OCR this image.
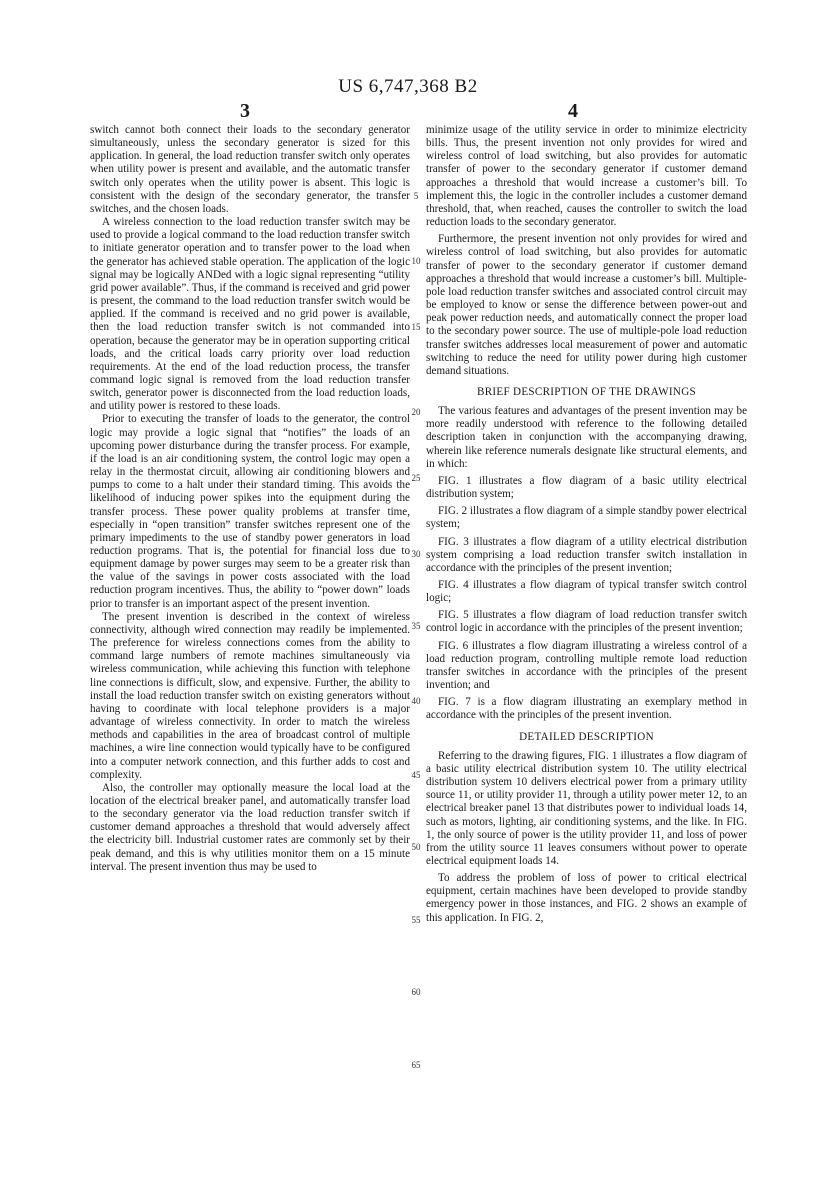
US 6,747,368 B2
3	4
5
10
15
20
25
30
35
40
45
50
55
60
65

switch cannot both connect their loads to the secondary generator simultaneously, unless the secondary generator is sized for this application. In general, the load reduction transfer switch only operates when utility power is present and available, and the automatic transfer switch only operates when the utility power is absent. This logic is consistent with the design of the secondary generator, the transfer switches, and the chosen loads.

A wireless connection to the load reduction transfer switch may be used to provide a logical command to the load reduction transfer switch to initiate generator operation and to transfer power to the load when the generator has achieved stable operation. The application of the logic signal may be logically ANDed with a logic signal representing “utility grid power available”. Thus, if the command is received and grid power is present, the command to the load reduction transfer switch would be applied. If the command is received and no grid power is available, then the load reduction transfer switch is not commanded into operation, because the generator may be in operation supporting critical loads, and the critical loads carry priority over load reduction requirements. At the end of the load reduction process, the transfer command logic signal is removed from the load reduction transfer switch, generator power is disconnected from the load reduction loads, and utility power is restored to these loads.

Prior to executing the transfer of loads to the generator, the control logic may provide a logic signal that “notifies” the loads of an upcoming power disturbance during the transfer process. For example, if the load is an air conditioning system, the control logic may open a relay in the thermostat circuit, allowing air conditioning blowers and pumps to come to a halt under their standard timing. This avoids the likelihood of inducing power spikes into the equipment during the transfer process. These power quality problems at transfer time, especially in “open transition” transfer switches represent one of the primary impediments to the use of standby power generators in load reduction programs. That is, the potential for financial loss due to equipment damage by power surges may seem to be a greater risk than the value of the savings in power costs associated with the load reduction program incentives. Thus, the ability to “power down” loads prior to transfer is an important aspect of the present invention.

The present invention is described in the context of wireless connectivity, although wired connection may readily be implemented. The preference for wireless connections comes from the ability to command large numbers of remote machines simultaneously via wireless communication, while achieving this function with telephone line connections is difficult, slow, and expensive. Further, the ability to install the load reduction transfer switch on existing generators without having to coordinate with local telephone providers is a major advantage of wireless connectivity. In order to match the wireless methods and capabilities in the area of broadcast control of multiple machines, a wire line connection would typically have to be configured into a computer network connection, and this further adds to cost and complexity.

Also, the controller may optionally measure the local load at the location of the electrical breaker panel, and automatically transfer load to the secondary generator via the load reduction transfer switch if customer demand approaches a threshold that would adversely affect the electricity bill. Industrial customer rates are commonly set by their peak demand, and this is why utilities monitor them on a 15 minute interval. The present invention thus may be used to

minimize usage of the utility service in order to minimize electricity bills. Thus, the present invention not only provides for wired and wireless control of load switching, but also provides for automatic transfer of power to the secondary generator if customer demand approaches a threshold that would increase a customer’s bill. To implement this, the logic in the controller includes a customer demand threshold, that, when reached, causes the controller to switch the load reduction loads to the secondary generator.

Furthermore, the present invention not only provides for wired and wireless control of load switching, but also provides for automatic transfer of power to the secondary generator if customer demand approaches a threshold that would increase a customer’s bill. Multiple-pole load reduction transfer switches and associated control circuit may be employed to know or sense the difference between power-out and peak power reduction needs, and automatically connect the proper load to the secondary power source. The use of multiple-pole load reduction transfer switches addresses local measurement of power and automatic switching to reduce the need for utility power during high customer demand situations.

BRIEF DESCRIPTION OF THE DRAWINGS

The various features and advantages of the present invention may be more readily understood with reference to the following detailed description taken in conjunction with the accompanying drawing, wherein like reference numerals designate like structural elements, and in which:

FIG. 1 illustrates a flow diagram of a basic utility electrical distribution system;

FIG. 2 illustrates a flow diagram of a simple standby power electrical system;

FIG. 3 illustrates a flow diagram of a utility electrical distribution system comprising a load reduction transfer switch installation in accordance with the principles of the present invention;

FIG. 4 illustrates a flow diagram of typical transfer switch control logic;

FIG. 5 illustrates a flow diagram of load reduction transfer switch control logic in accordance with the principles of the present invention;

FIG. 6 illustrates a flow diagram illustrating a wireless control of a load reduction program, controlling multiple remote load reduction transfer switches in accordance with the principles of the present invention; and

FIG. 7 is a flow diagram illustrating an exemplary method in accordance with the principles of the present invention.

DETAILED DESCRIPTION

Referring to the drawing figures, FIG. 1 illustrates a flow diagram of a basic utility electrical distribution system 10. The utility electrical distribution system 10 delivers electrical power from a primary utility source 11, or utility provider 11, through a utility power meter 12, to an electrical breaker panel 13 that distributes power to individual loads 14, such as motors, lighting, air conditioning systems, and the like. In FIG. 1, the only source of power is the utility provider 11, and loss of power from the utility source 11 leaves consumers without power to operate electrical equipment loads 14.

To address the problem of loss of power to critical electrical equipment, certain machines have been developed to provide standby emergency power in those instances, and FIG. 2 shows an example of this application. In FIG. 2,
